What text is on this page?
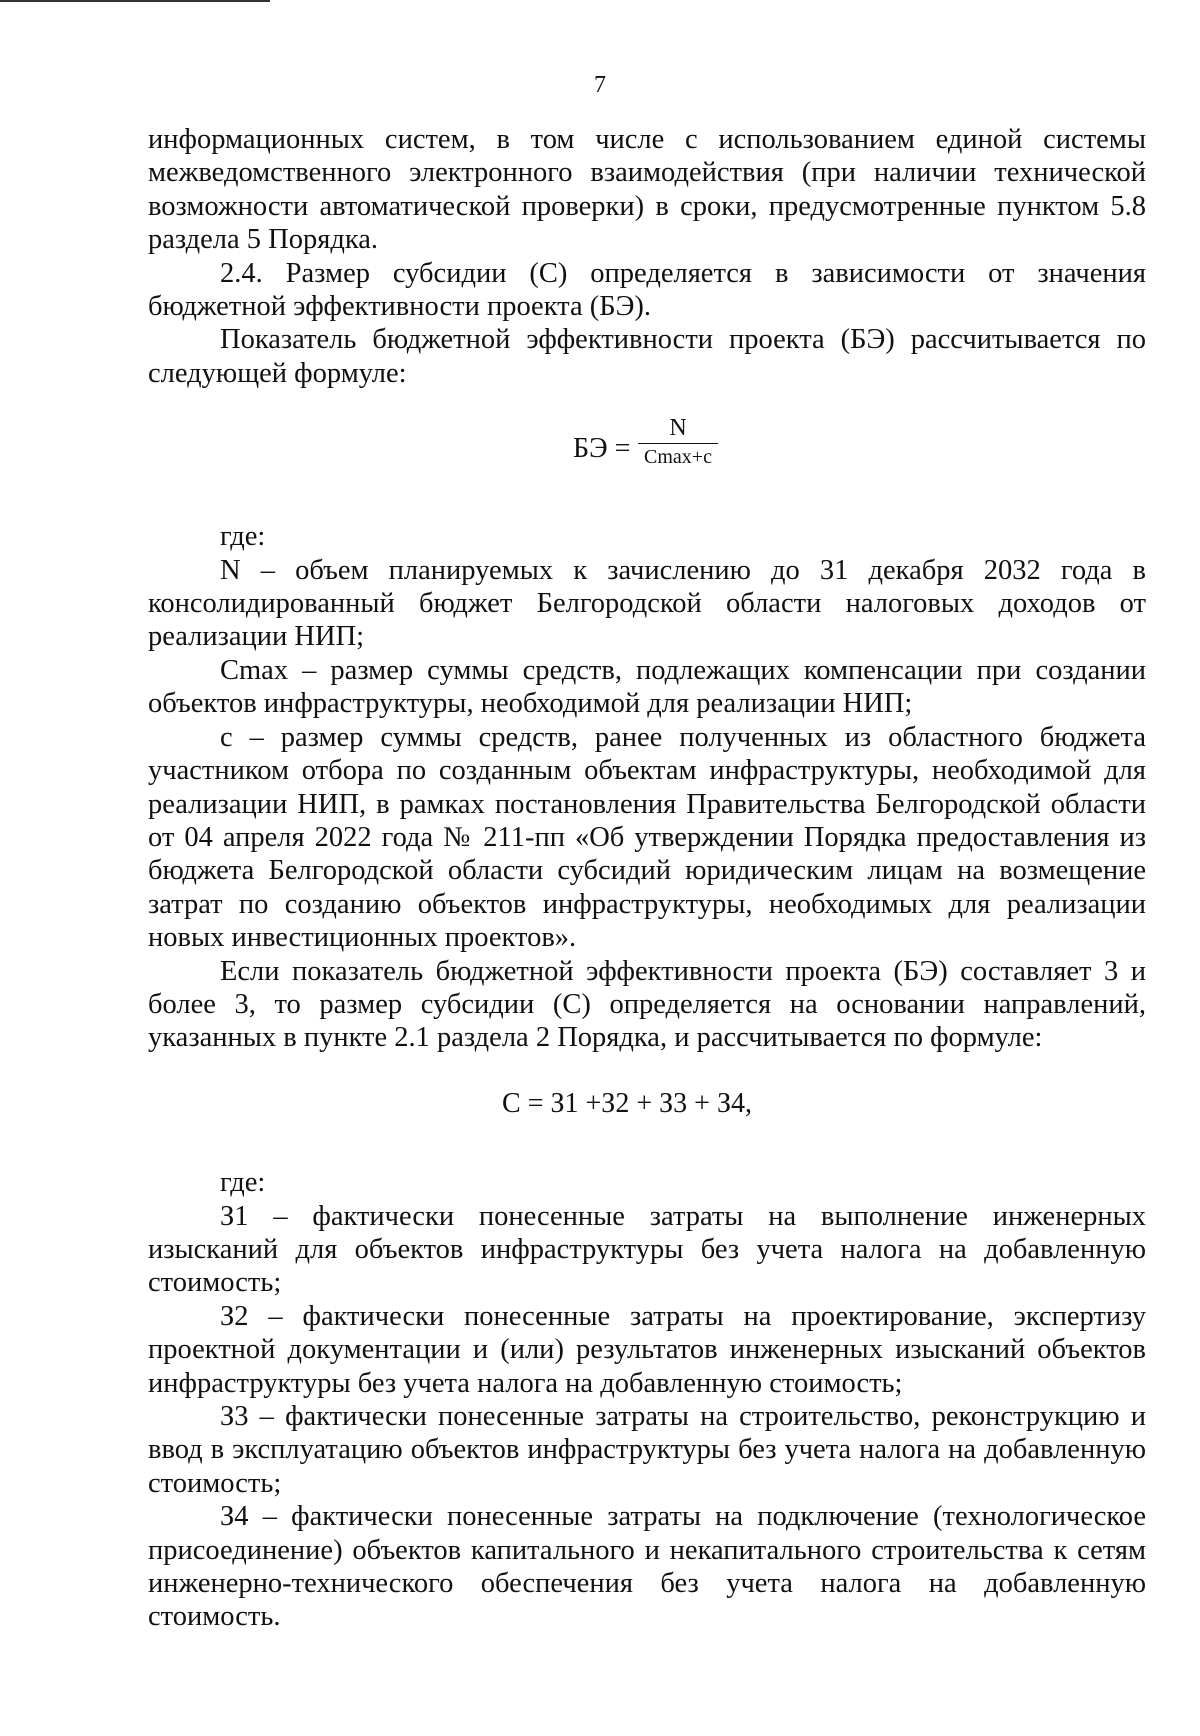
7

информационных систем, в том числе с использованием единой системы межведомственного электронного взаимодействия (при наличии технической возможности автоматической проверки) в сроки, предусмотренные пунктом 5.8 раздела 5 Порядка.

2.4. Размер субсидии (С) определяется в зависимости от значения бюджетной эффективности проекта (БЭ).

Показатель бюджетной эффективности проекта (БЭ) рассчитывается по следующей формуле:

БЭ =
N
Cmax+c

где:

N – объем планируемых к зачислению до 31 декабря 2032 года в консолидированный бюджет Белгородской области налоговых доходов от реализации НИП;

Cmax – размер суммы средств, подлежащих компенсации при создании объектов инфраструктуры, необходимой для реализации НИП;

с – размер суммы средств, ранее полученных из областного бюджета участником отбора по созданным объектам инфраструктуры, необходимой для реализации НИП, в рамках постановления Правительства Белгородской области от 04 апреля 2022 года № 211-пп «Об утверждении Порядка предоставления из бюджета Белгородской области субсидий юридическим лицам на возмещение затрат по созданию объектов инфраструктуры, необходимых для реализации новых инвестиционных проектов».

Если показатель бюджетной эффективности проекта (БЭ) составляет 3 и более 3, то размер субсидии (С) определяется на основании направлений, указанных в пункте 2.1 раздела 2 Порядка, и рассчитывается по формуле:

С = З1 +З2 + З3 + З4,

где:

З1 – фактически понесенные затраты на выполнение инженерных изысканий для объектов инфраструктуры без учета налога на добавленную стоимость;

З2 – фактически понесенные затраты на проектирование, экспертизу проектной документации и (или) результатов инженерных изысканий объектов инфраструктуры без учета налога на добавленную стоимость;

З3 – фактически понесенные затраты на строительство, реконструкцию и ввод в эксплуатацию объектов инфраструктуры без учета налога на добавленную стоимость;

З4 – фактически понесенные затраты на подключение (технологическое присоединение) объектов капитального и некапитального строительства к сетям инженерно-технического обеспечения без учета налога на добавленную стоимость.
